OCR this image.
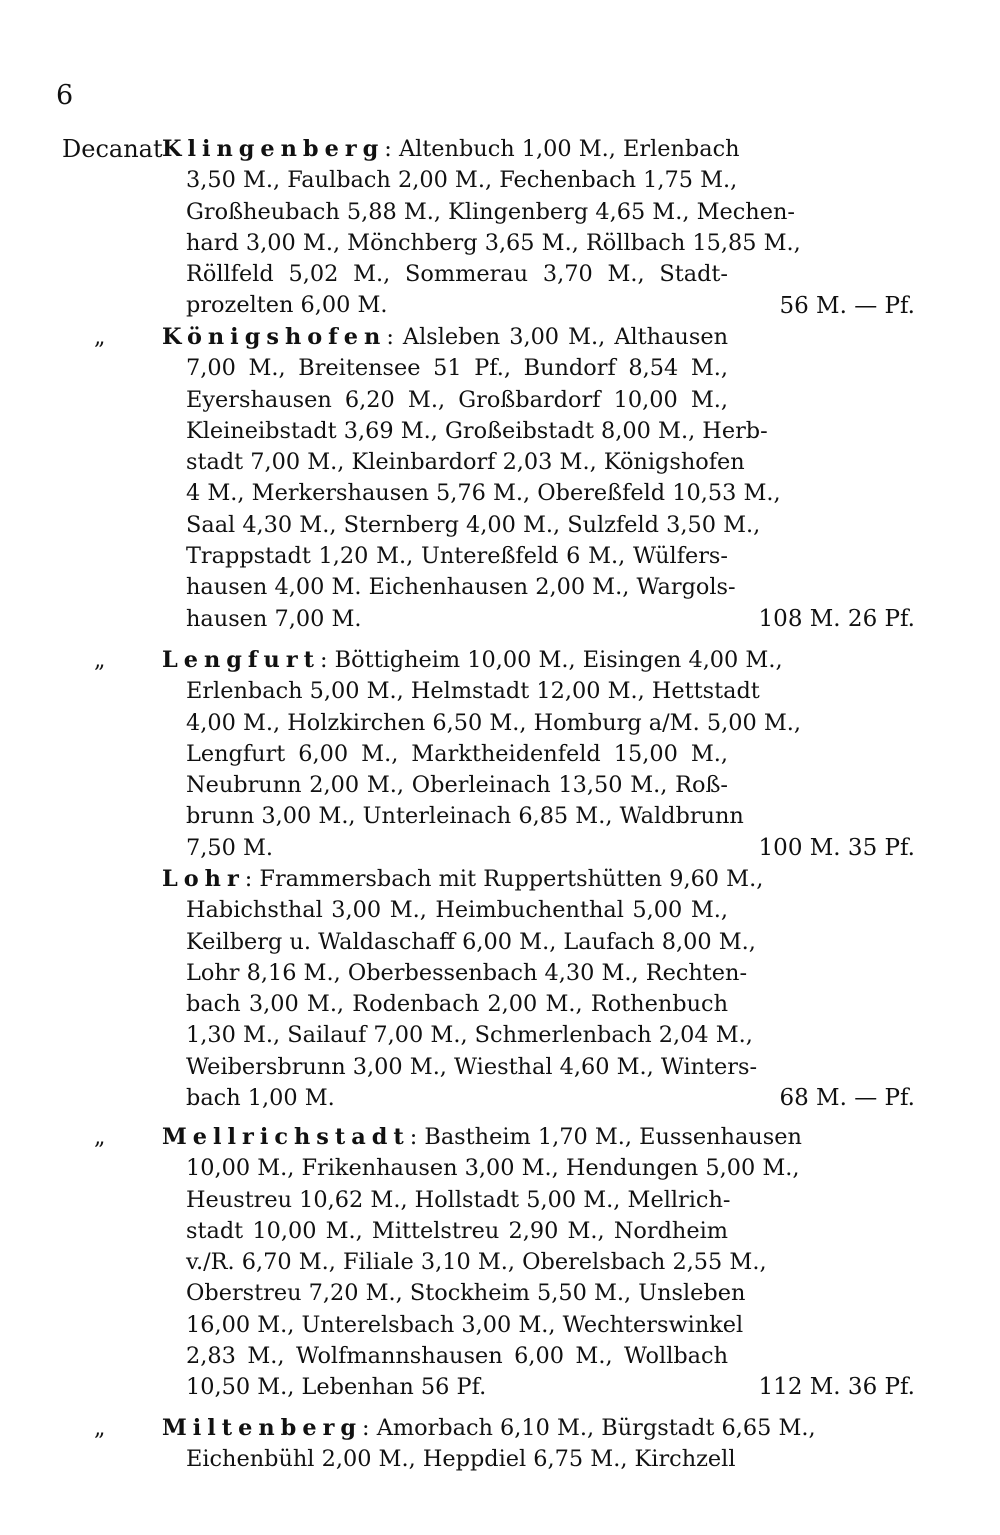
6
Decanat Klingenberg: Altenbuch 1,00 M., Erlenbach
3,50 M., Faulbach 2,00 M., Fechenbach 1,75 M.,
Großheubach 5,88 M., Klingenberg 4,65 M., Mechen-
hard 3,00 M., Mönchberg 3,65 M., Röllbach 15,85 M.,
Röllfeld 5,02 M., Sommerau 3,70 M., Stadt-
prozelten 6,00 M.	56 M. — Pf.
„	Königshofen: Alsleben 3,00 M., Althausen
7,00 M., Breitensee 51 Pf., Bundorf 8,54 M.,
Eyershausen 6,20 M., Großbardorf 10,00 M.,
Kleineibstadt 3,69 M., Großeibstadt 8,00 M., Herb-
stadt 7,00 M., Kleinbardorf 2,03 M., Königshofen
4 M., Merkershausen 5,76 M., Obereßfeld 10,53 M.,
Saal 4,30 M., Sternberg 4,00 M., Sulzfeld 3,50 M.,
Trappstadt 1,20 M., Untereßfeld 6 M., Wülfers-
hausen 4,00 M. Eichenhausen 2,00 M., Wargols-
hausen 7,00 M.	108 M. 26 Pf.
„	Lengfurt: Böttigheim 10,00 M., Eisingen 4,00 M.,
Erlenbach 5,00 M., Helmstadt 12,00 M., Hettstadt
4,00 M., Holzkirchen 6,50 M., Homburg a/M. 5,00 M.,
Lengfurt 6,00 M., Marktheidenfeld 15,00 M.,
Neubrunn 2,00 M., Oberleinach 13,50 M., Roß-
brunn 3,00 M., Unterleinach 6,85 M., Waldbrunn
7,50 M.	100 M. 35 Pf.
Lohr: Frammersbach mit Ruppertshütten 9,60 M.,
Habichsthal 3,00 M., Heimbuchenthal 5,00 M.,
Keilberg u. Waldaschaff 6,00 M., Laufach 8,00 M.,
Lohr 8,16 M., Oberbessenbach 4,30 M., Rechten-
bach 3,00 M., Rodenbach 2,00 M., Rothenbuch
1,30 M., Sailauf 7,00 M., Schmerlenbach 2,04 M.,
Weibersbrunn 3,00 M., Wiesthal 4,60 M., Winters-
bach 1,00 M.	68 M. — Pf.
„	Mellrichstadt: Bastheim 1,70 M., Eussenhausen
10,00 M., Frikenhausen 3,00 M., Hendungen 5,00 M.,
Heustreu 10,62 M., Hollstadt 5,00 M., Mellrich-
stadt 10,00 M., Mittelstreu 2,90 M., Nordheim
v./R. 6,70 M., Filiale 3,10 M., Oberelsbach 2,55 M.,
Oberstreu 7,20 M., Stockheim 5,50 M., Unsleben
16,00 M., Unterelsbach 3,00 M., Wechterswinkel
2,83 M., Wolfmannshausen 6,00 M., Wollbach
10,50 M., Lebenhan 56 Pf.	112 M. 36 Pf.
„	Miltenberg: Amorbach 6,10 M., Bürgstadt 6,65 M.,
Eichenbühl 2,00 M., Heppdiel 6,75 M., Kirchzell
